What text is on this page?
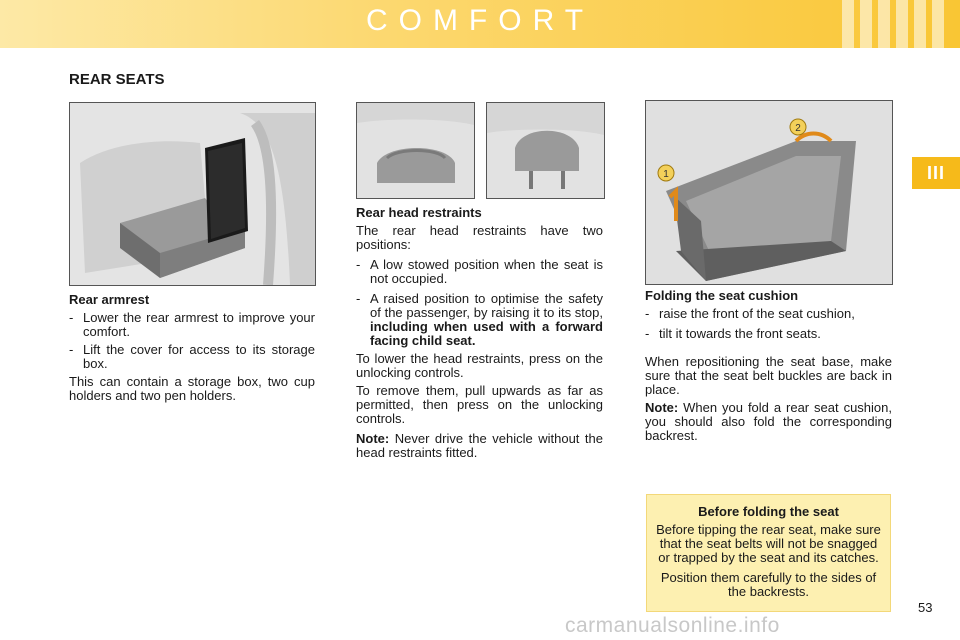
COMFORT
III
REAR SEATS
1
2

Rear armrest

- Lower the rear armrest to improve your comfort.
- Lift the cover for access to its storage box.

This can contain a storage box, two cup holders and two pen holders.

Rear head restraints

The rear head restraints have two positions:

- A low stowed position when the seat is not occupied.
- A raised position to optimise the safety of the passenger, by raising it to its stop, including when used with a forward facing child seat.

To lower the head restraints, press on the unlocking controls.

To remove them, pull upwards as far as permitted, then press on the unlocking controls.

Note: Never drive the vehicle without the head restraints fitted.

Folding the seat cushion

- raise the front of the seat cushion,
- tilt it towards the front seats.

When repositioning the seat base, make sure that the seat belt buckles are back in place.

Note: When you fold a rear seat cushion, you should also fold the corresponding backrest.

Before folding the seat

Before tipping the rear seat, make sure that the seat belts will not be snagged or trapped by the seat and its catches.

Position them carefully to the sides of the backrests.

53
carmanualsonline.info
